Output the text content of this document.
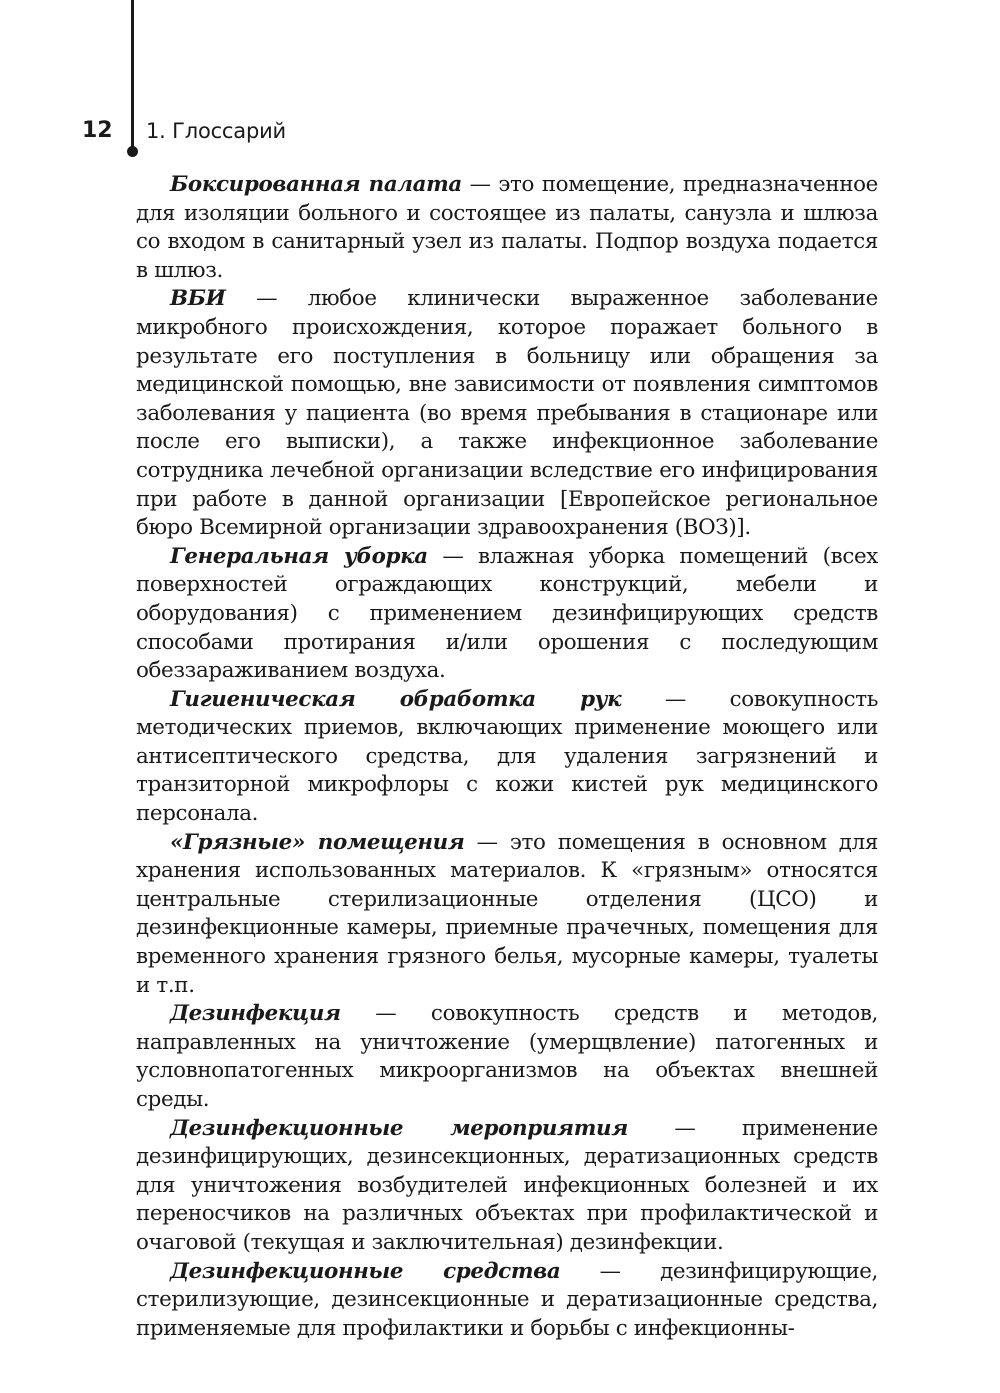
12 1. Глоссарий

Боксированная палата — это помещение, предназначенное для изоляции больного и состоящее из палаты, санузла и шлюза со входом в санитарный узел из палаты. Подпор воздуха подается в шлюз.

ВБИ — любое клинически выраженное заболевание микробного происхождения, которое поражает больного в результате его поступления в больницу или обращения за медицинской помощью, вне зависимости от появления симптомов заболевания у пациента (во время пребывания в стационаре или после его выписки), а также инфекционное заболевание сотрудника лечебной организации вследствие его инфицирования при работе в данной организации [Европейское региональное бюро Всемирной организации здравоохранения (ВОЗ)].

Генеральная уборка — влажная уборка помещений (всех поверхностей ограждающих конструкций, мебели и оборудования) с применением дезинфицирующих средств способами протирания и/или орошения с последующим обеззараживанием воздуха.

Гигиеническая обработка рук — совокупность методических приемов, включающих применение моющего или антисептического средства, для удаления загрязнений и транзиторной микрофлоры с кожи кистей рук медицинского персонала.

«Грязные» помещения — это помещения в основном для хранения использованных материалов. К «грязным» относятся центральные стерилизационные отделения (ЦСО) и дезинфекционные камеры, приемные прачечных, помещения для временного хранения грязного белья, мусорные камеры, туалеты и т.п.

Дезинфекция — совокупность средств и методов, направленных на уничтожение (умерщвление) патогенных и условнопатогенных микроорганизмов на объектах внешней среды.

Дезинфекционные мероприятия — применение дезинфицирующих, дезинсекционных, дератизационных средств для уничтожения возбудителей инфекционных болезней и их переносчиков на различных объектах при профилактической и очаговой (текущая и заключительная) дезинфекции.

Дезинфекционные средства — дезинфицирующие, стерилизующие, дезинсекционные и дератизационные средства, применяемые для профилактики и борьбы с инфекционны-
